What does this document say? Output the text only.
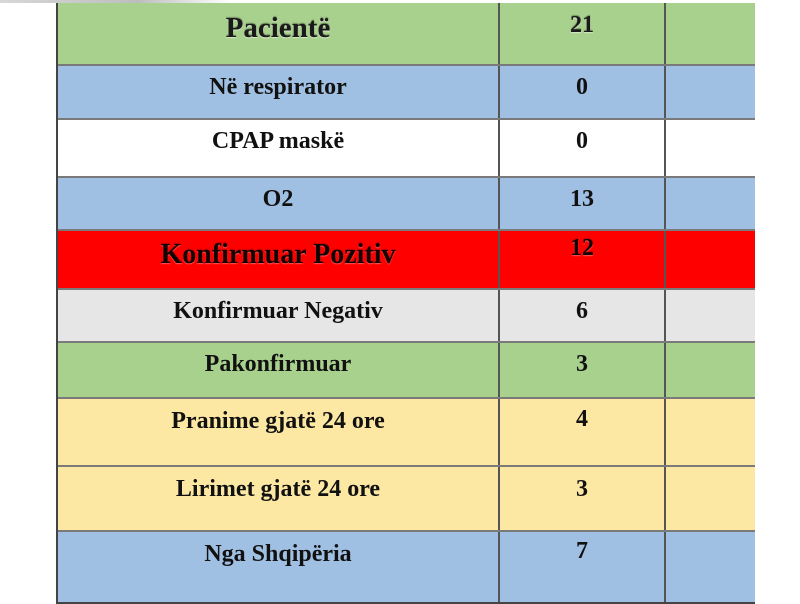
Pacientë	21
Në respirator	0
CPAP maskë	0
O2	13
Konfirmuar Pozitiv	12
Konfirmuar Negativ	6
Pakonfirmuar	3
Pranime gjatë 24 ore	4
Lirimet gjatë 24 ore	3
Nga Shqipëria	7
